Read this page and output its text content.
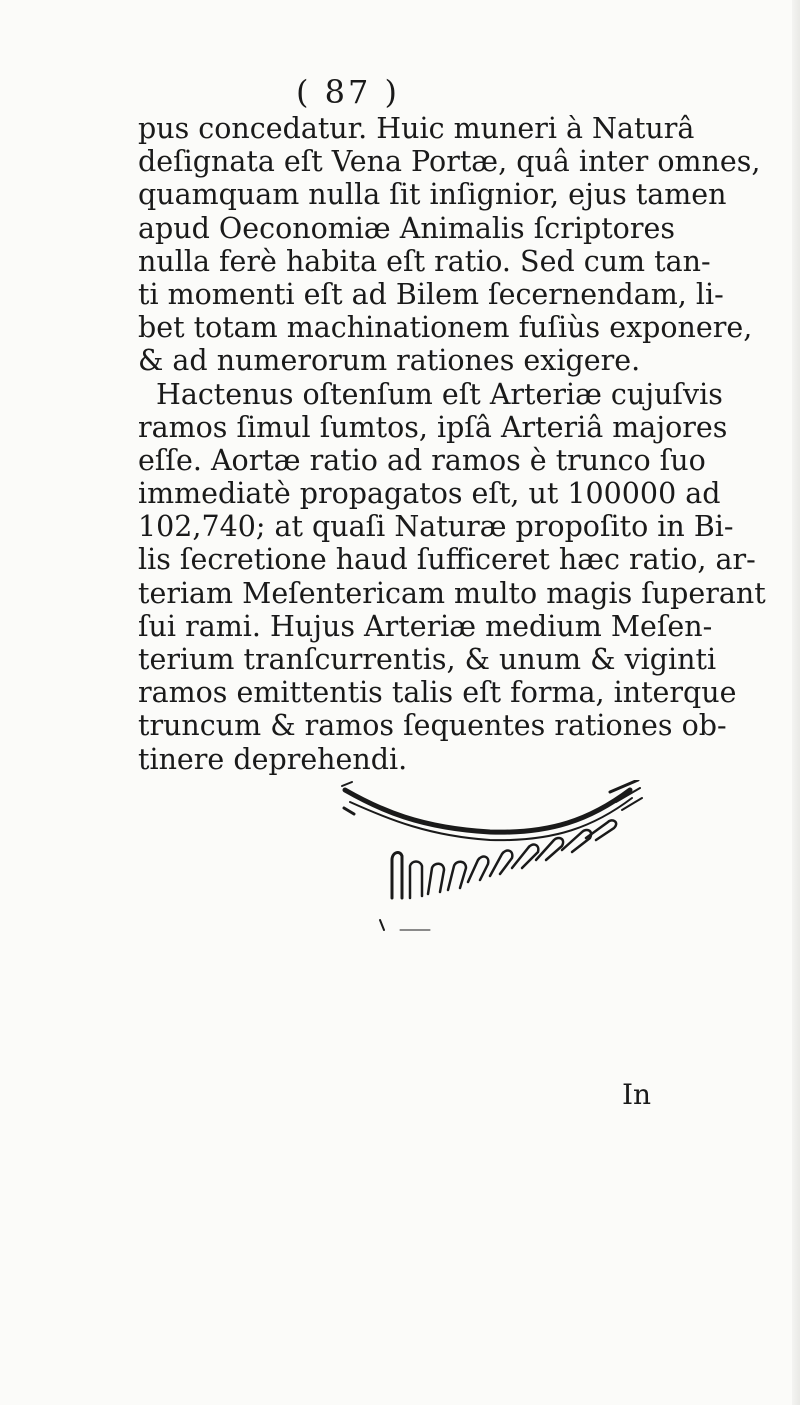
( 87 )
pus concedatur. Huic muneri à Naturâ
deſignata eſt Vena Portæ, quâ inter omnes,
quamquam nulla ſit inſignior, ejus tamen
apud Oeconomiæ Animalis ſcriptores
nulla ferè habita eſt ratio. Sed cum tan-
ti momenti eſt ad Bilem ſecernendam, li-
bet totam machinationem fuſiùs exponere,
& ad numerorum rationes exigere.
Hactenus oſtenſum eſt Arteriæ cujuſvis
ramos ſimul ſumtos, ipſâ Arteriâ majores
eſſe. Aortæ ratio ad ramos è trunco ſuo
immediatè propagatos eſt, ut 100000 ad
102,740; at quaſi Naturæ propoſito in Bi-
lis ſecretione haud ſufficeret hæc ratio, ar-
teriam Meſentericam multo magis ſuperant
ſui rami. Hujus Arteriæ medium Meſen-
terium tranſcurrentis, & unum & viginti
ramos emittentis talis eſt forma, interque
truncum & ramos ſequentes rationes ob-
tinere deprehendi.
In
